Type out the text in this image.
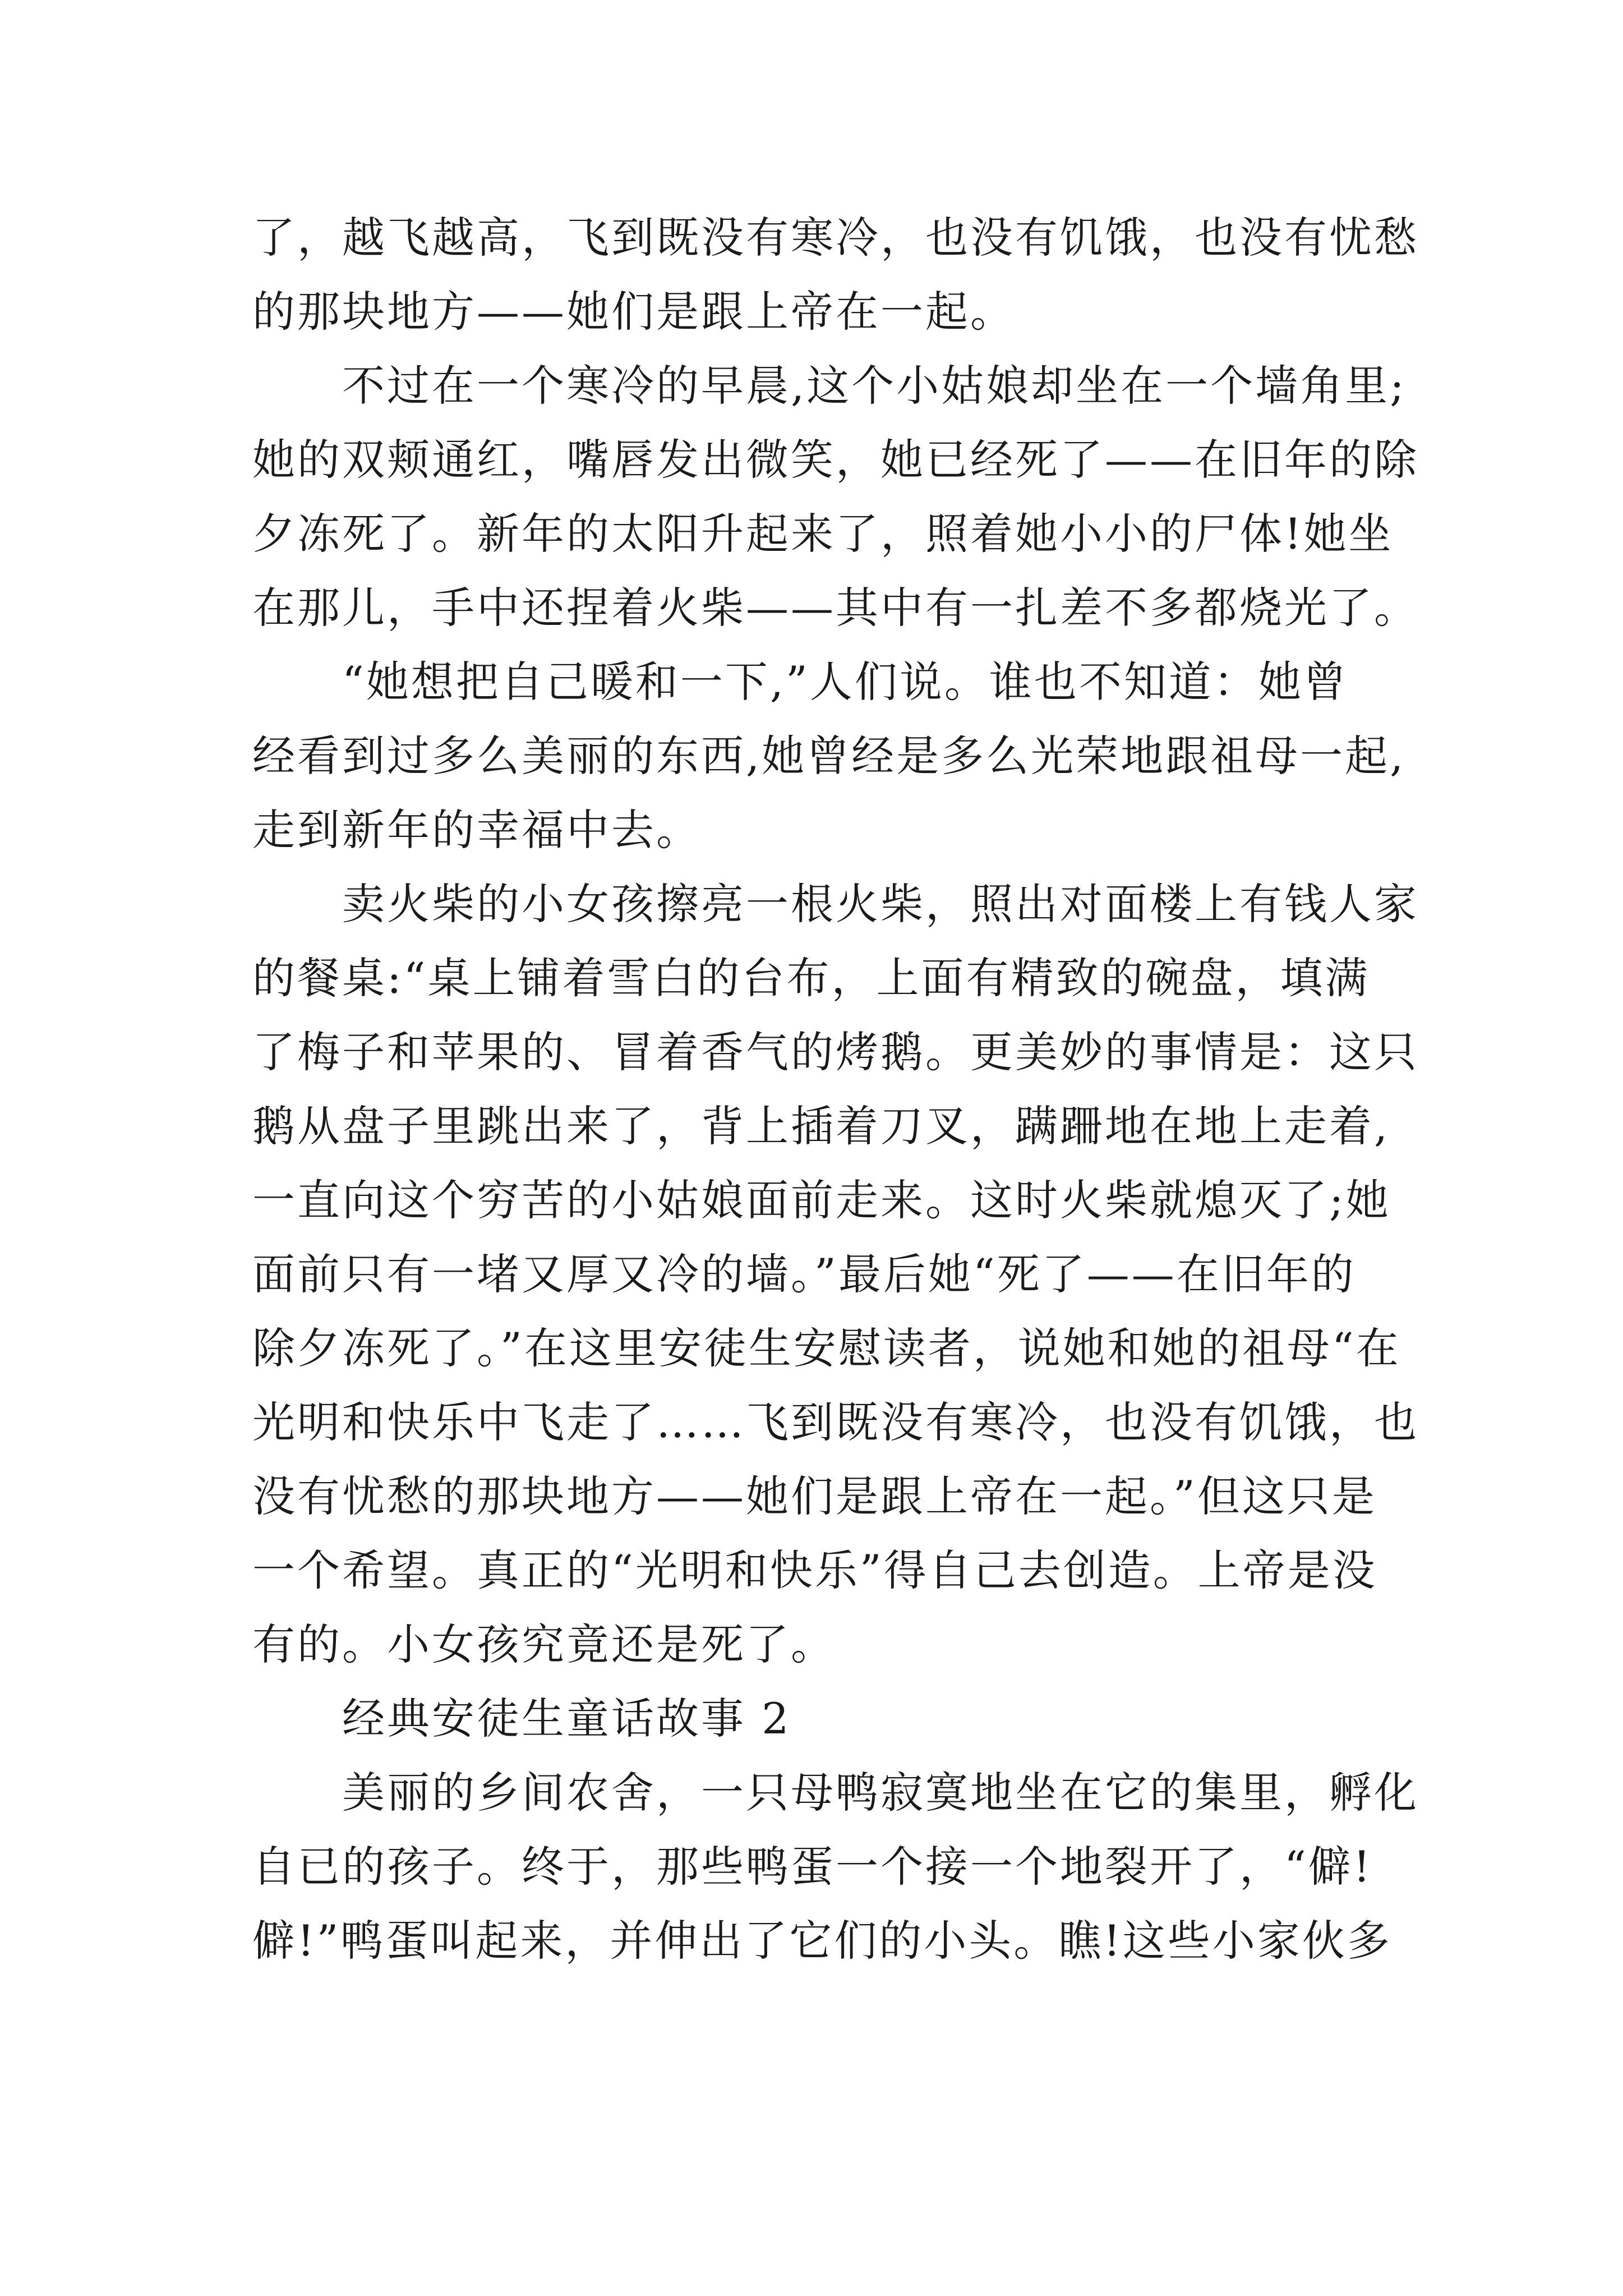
了，越飞越高，飞到既没有寒冷，也没有饥饿，也没有忧愁
的那块地方——她们是跟上帝在一起。
　　不过在一个寒冷的早晨,这个小姑娘却坐在一个墙角里;
她的双颊通红，嘴唇发出微笑，她已经死了——在旧年的除
夕冻死了。新年的太阳升起来了，照着她小小的尸体!她坐
在那儿，手中还捏着火柴——其中有一扎差不多都烧光了。
　　“她想把自己暖和一下,”人们说。谁也不知道：她曾
经看到过多么美丽的东西,她曾经是多么光荣地跟祖母一起,
走到新年的幸福中去。
　　卖火柴的小女孩擦亮一根火柴，照出对面楼上有钱人家
的餐桌:“桌上铺着雪白的台布，上面有精致的碗盘，填满
了梅子和苹果的、冒着香气的烤鹅。更美妙的事情是：这只
鹅从盘子里跳出来了，背上插着刀叉，蹒跚地在地上走着,
一直向这个穷苦的小姑娘面前走来。这时火柴就熄灭了;她
面前只有一堵又厚又冷的墙。”最后她“死了——在旧年的
除夕冻死了。”在这里安徒生安慰读者，说她和她的祖母“在
光明和快乐中飞走了……飞到既没有寒冷，也没有饥饿，也
没有忧愁的那块地方——她们是跟上帝在一起。”但这只是
一个希望。真正的“光明和快乐”得自己去创造。上帝是没
有的。小女孩究竟还是死了。
　　经典安徒生童话故事 2
　　美丽的乡间农舍，一只母鸭寂寞地坐在它的集里，孵化
自已的孩子。终于，那些鸭蛋一个接一个地裂开了，“僻!
僻!”鸭蛋叫起来，并伸出了它们的小头。瞧!这些小家伙多
